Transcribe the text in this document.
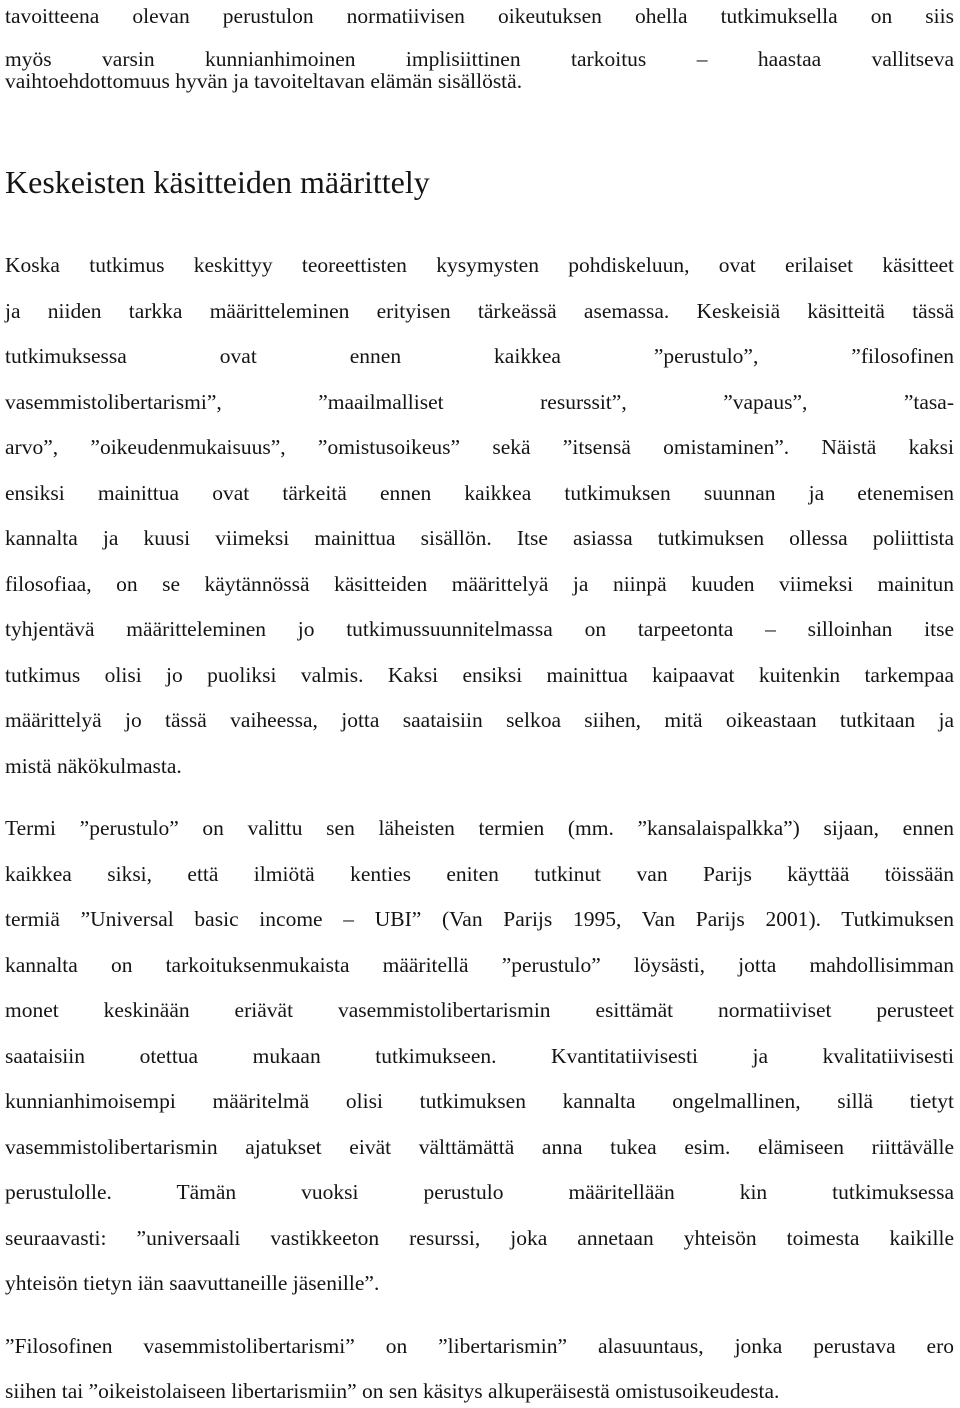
tavoitteena olevan perustulon normatiivisen oikeutuksen ohella tutkimuksella on siis
myös varsin kunnianhimoinen implisiittinen tarkoitus – haastaa vallitseva
vaihtoehdottomuus hyvän ja tavoiteltavan elämän sisällöstä.
Keskeisten käsitteiden määrittely
Koska tutkimus keskittyy teoreettisten kysymysten pohdiskeluun, ovat erilaiset käsitteet
ja niiden tarkka määritteleminen erityisen tärkeässä asemassa. Keskeisiä käsitteitä tässä
tutkimuksessa ovat ennen kaikkea ”perustulo”, ”filosofinen
vasemmistolibertarismi”, ”maailmalliset resurssit”, ”vapaus”, ”tasa-
arvo”, ”oikeudenmukaisuus”, ”omistusoikeus” sekä ”itsensä omistaminen”. Näistä kaksi
ensiksi mainittua ovat tärkeitä ennen kaikkea tutkimuksen suunnan ja etenemisen
kannalta ja kuusi viimeksi mainittua sisällön. Itse asiassa tutkimuksen ollessa poliittista
filosofiaa, on se käytännössä käsitteiden määrittelyä ja niinpä kuuden viimeksi mainitun
tyhjentävä määritteleminen jo tutkimussuunnitelmassa on tarpeetonta – silloinhan itse
tutkimus olisi jo puoliksi valmis. Kaksi ensiksi mainittua kaipaavat kuitenkin tarkempaa
määrittelyä jo tässä vaiheessa, jotta saataisiin selkoa siihen, mitä oikeastaan tutkitaan ja
mistä näkökulmasta.
Termi ”perustulo” on valittu sen läheisten termien (mm. ”kansalaispalkka”) sijaan, ennen
kaikkea siksi, että ilmiötä kenties eniten tutkinut van Parijs käyttää töissään
termiä ”Universal basic income – UBI” (Van Parijs 1995, Van Parijs 2001). Tutkimuksen
kannalta on tarkoituksenmukaista määritellä ”perustulo” löysästi, jotta mahdollisimman
monet keskinään eriävät vasemmistolibertarismin esittämät normatiiviset perusteet
saataisiin otettua mukaan tutkimukseen. Kvantitatiivisesti ja kvalitatiivisesti
kunnianhimoisempi määritelmä olisi tutkimuksen kannalta ongelmallinen, sillä tietyt
vasemmistolibertarismin ajatukset eivät välttämättä anna tukea esim. elämiseen riittävälle
perustulolle. Tämän vuoksi perustulo määritellään kin tutkimuksessa
seuraavasti: ”universaali vastikkeeton resurssi, joka annetaan yhteisön toimesta kaikille
yhteisön tietyn iän saavuttaneille jäsenille”.
”Filosofinen vasemmistolibertarismi” on ”libertarismin” alasuuntaus, jonka perustava ero
siihen tai ”oikeistolaiseen libertarismiin” on sen käsitys alkuperäisestä omistusoikeudesta.
